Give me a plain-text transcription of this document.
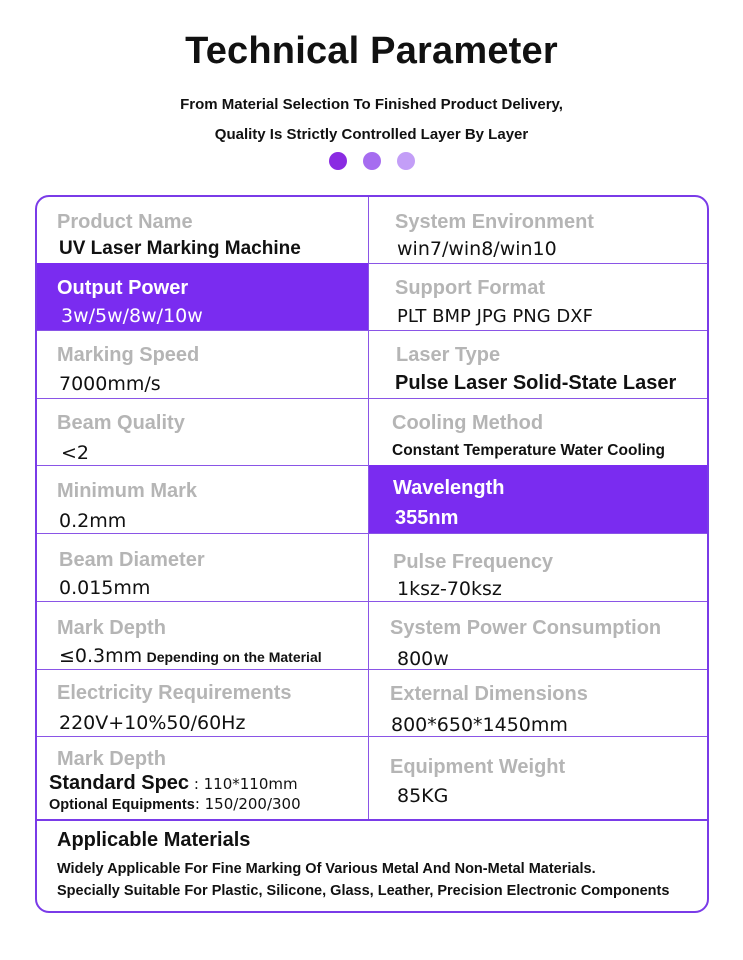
Technical Parameter
From Material Selection To Finished Product Delivery,
Quality Is Strictly Controlled Layer By Layer

Product Name
UV Laser Marking Machine
System Environment
win7/win8/win10
Output Power
3w/5w/8w/10w
Support Format
PLT BMP JPG PNG DXF
Marking Speed
7000mm/s
Laser Type
Pulse Laser Solid-State Laser
Beam Quality
<2
Cooling Method
Constant Temperature Water Cooling
Minimum Mark
0.2mm
Wavelength
355nm
Beam Diameter
0.015mm
Pulse Frequency
1ksz-70ksz
Mark Depth
≤0.3mm Depending on the Material
System Power Consumption
800w
Electricity Requirements
220V+10%50/60Hz
External Dimensions
800*650*1450mm
Mark Depth
Standard Spec : 110*110mm
Optional Equipments: 150/200/300
Equipment Weight
85KG
Applicable Materials
Widely Applicable For Fine Marking Of Various Metal And Non-Metal Materials.
Specially Suitable For Plastic, Silicone, Glass, Leather, Precision Electronic Components
